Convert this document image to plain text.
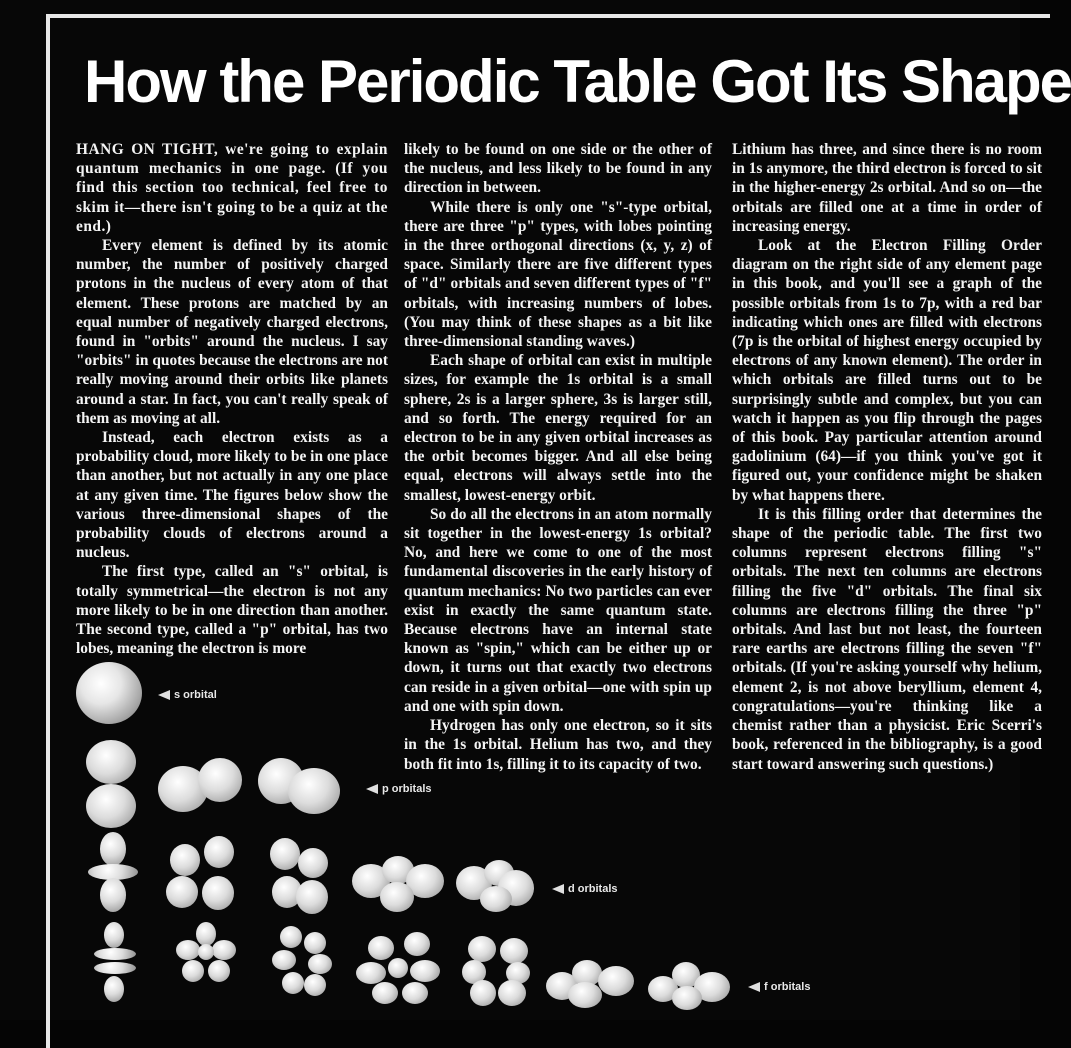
How the Periodic Table Got Its Shape

HANG ON TIGHT, we're going to explain quantum mechanics in one page. (If you find this section too technical, feel free to skim it—there isn't going to be a quiz at the end.)

Every element is defined by its atomic number, the number of positively charged protons in the nucleus of every atom of that element. These protons are matched by an equal number of negatively charged electrons, found in "orbits" around the nucleus. I say "orbits" in quotes because the electrons are not really moving around their orbits like planets around a star. In fact, you can't really speak of them as moving at all.

Instead, each electron exists as a probability cloud, more likely to be in one place than another, but not actually in any one place at any given time. The figures below show the various three-dimensional shapes of the probability clouds of electrons around a nucleus.

The first type, called an "s" orbital, is totally symmetrical—the electron is not any more likely to be in one direction than another. The second type, called a "p" orbital, has two lobes, meaning the electron is more

likely to be found on one side or the other of the nucleus, and less likely to be found in any direction in between.

While there is only one "s"-type orbital, there are three "p" types, with lobes pointing in the three orthogonal directions (x, y, z) of space. Similarly there are five different types of "d" orbitals and seven different types of "f" orbitals, with increasing numbers of lobes. (You may think of these shapes as a bit like three-dimensional standing waves.)

Each shape of orbital can exist in multiple sizes, for example the 1s orbital is a small sphere, 2s is a larger sphere, 3s is larger still, and so forth. The energy required for an electron to be in any given orbital increases as the orbit becomes bigger. And all else being equal, electrons will always settle into the smallest, lowest-energy orbit.

So do all the electrons in an atom normally sit together in the lowest-energy 1s orbital? No, and here we come to one of the most fundamental discoveries in the early history of quantum mechanics: No two particles can ever exist in exactly the same quantum state. Because electrons have an internal state known as "spin," which can be either up or down, it turns out that exactly two electrons can reside in a given orbital—one with spin up and one with spin down.

Hydrogen has only one electron, so it sits in the 1s orbital. Helium has two, and they both fit into 1s, filling it to its capacity of two.

Lithium has three, and since there is no room in 1s anymore, the third electron is forced to sit in the higher-energy 2s orbital. And so on—the orbitals are filled one at a time in order of increasing energy.

Look at the Electron Filling Order diagram on the right side of any element page in this book, and you'll see a graph of the possible orbitals from 1s to 7p, with a red bar indicating which ones are filled with electrons (7p is the orbital of highest energy occupied by electrons of any known element). The order in which orbitals are filled turns out to be surprisingly subtle and complex, but you can watch it happen as you flip through the pages of this book. Pay particular attention around gadolinium (64)—if you think you've got it figured out, your confidence might be shaken by what happens there.

It is this filling order that determines the shape of the periodic table. The first two columns represent electrons filling "s" orbitals. The next ten columns are electrons filling the five "d" orbitals. The final six columns are electrons filling the three "p" orbitals. And last but not least, the fourteen rare earths are electrons filling the seven "f" orbitals. (If you're asking yourself why helium, element 2, is not above beryllium, element 4, congratulations—you're thinking like a chemist rather than a physicist. Eric Scerri's book, referenced in the bibliography, is a good start toward answering such questions.)

s orbital
p orbitals
d orbitals
f orbitals
